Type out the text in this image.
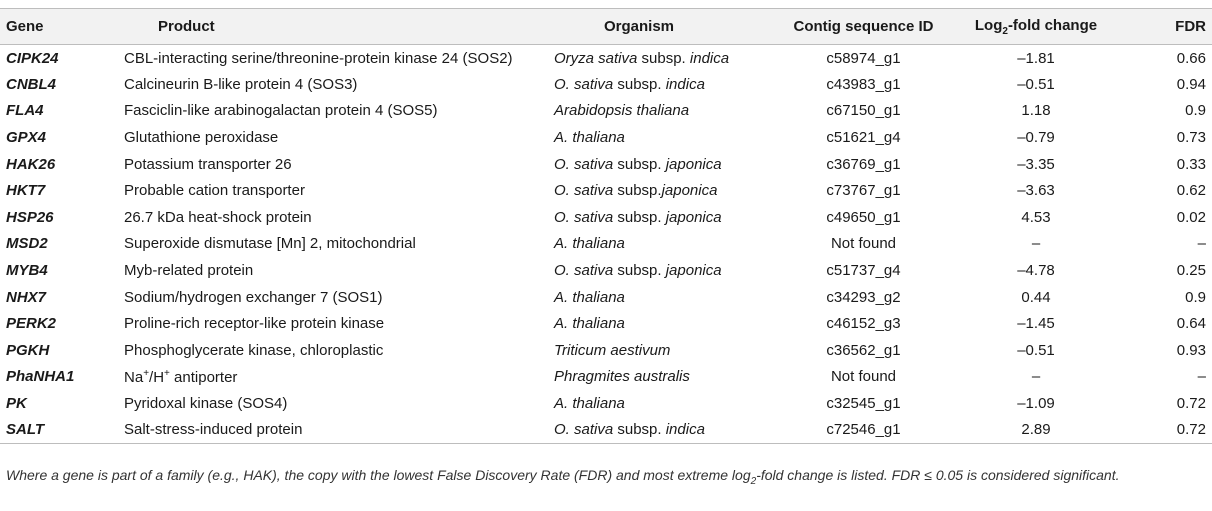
Gene	Product	Organism	Contig sequence ID	Log$_2$-fold change	FDR
CIPK24	CBL-interacting serine/threonine-protein kinase 24 (SOS2)	Oryza sativa subsp. indica	c58974_g1	–1.81	0.66
CNBL4	Calcineurin B-like protein 4 (SOS3)	O. sativa subsp. indica	c43983_g1	–0.51	0.94
FLA4	Fasciclin-like arabinogalactan protein 4 (SOS5)	Arabidopsis thaliana	c67150_g1	1.18	0.9
GPX4	Glutathione peroxidase	A. thaliana	c51621_g4	–0.79	0.73
HAK26	Potassium transporter 26	O. sativa subsp. japonica	c36769_g1	–3.35	0.33
HKT7	Probable cation transporter	O. sativa subsp.japonica	c73767_g1	–3.63	0.62
HSP26	26.7 kDa heat-shock protein	O. sativa subsp. japonica	c49650_g1	4.53	0.02
MSD2	Superoxide dismutase [Mn] 2, mitochondrial	A. thaliana	Not found	–	–
MYB4	Myb-related protein	O. sativa subsp. japonica	c51737_g4	–4.78	0.25
NHX7	Sodium/hydrogen exchanger 7 (SOS1)	A. thaliana	c34293_g2	0.44	0.9
PERK2	Proline-rich receptor-like protein kinase	A. thaliana	c46152_g3	–1.45	0.64
PGKH	Phosphoglycerate kinase, chloroplastic	Triticum aestivum	c36562_g1	–0.51	0.93
PhaNHA1	Na+/H+ antiporter	Phragmites australis	Not found	–	–
PK	Pyridoxal kinase (SOS4)	A. thaliana	c32545_g1	–1.09	0.72
SALT	Salt-stress-induced protein	O. sativa subsp. indica	c72546_g1	2.89	0.72
Where a gene is part of a family (e.g., HAK), the copy with the lowest False Discovery Rate (FDR) and most extreme $\log_2$-fold change is listed. FDR ≤ 0.05 is considered significant.
